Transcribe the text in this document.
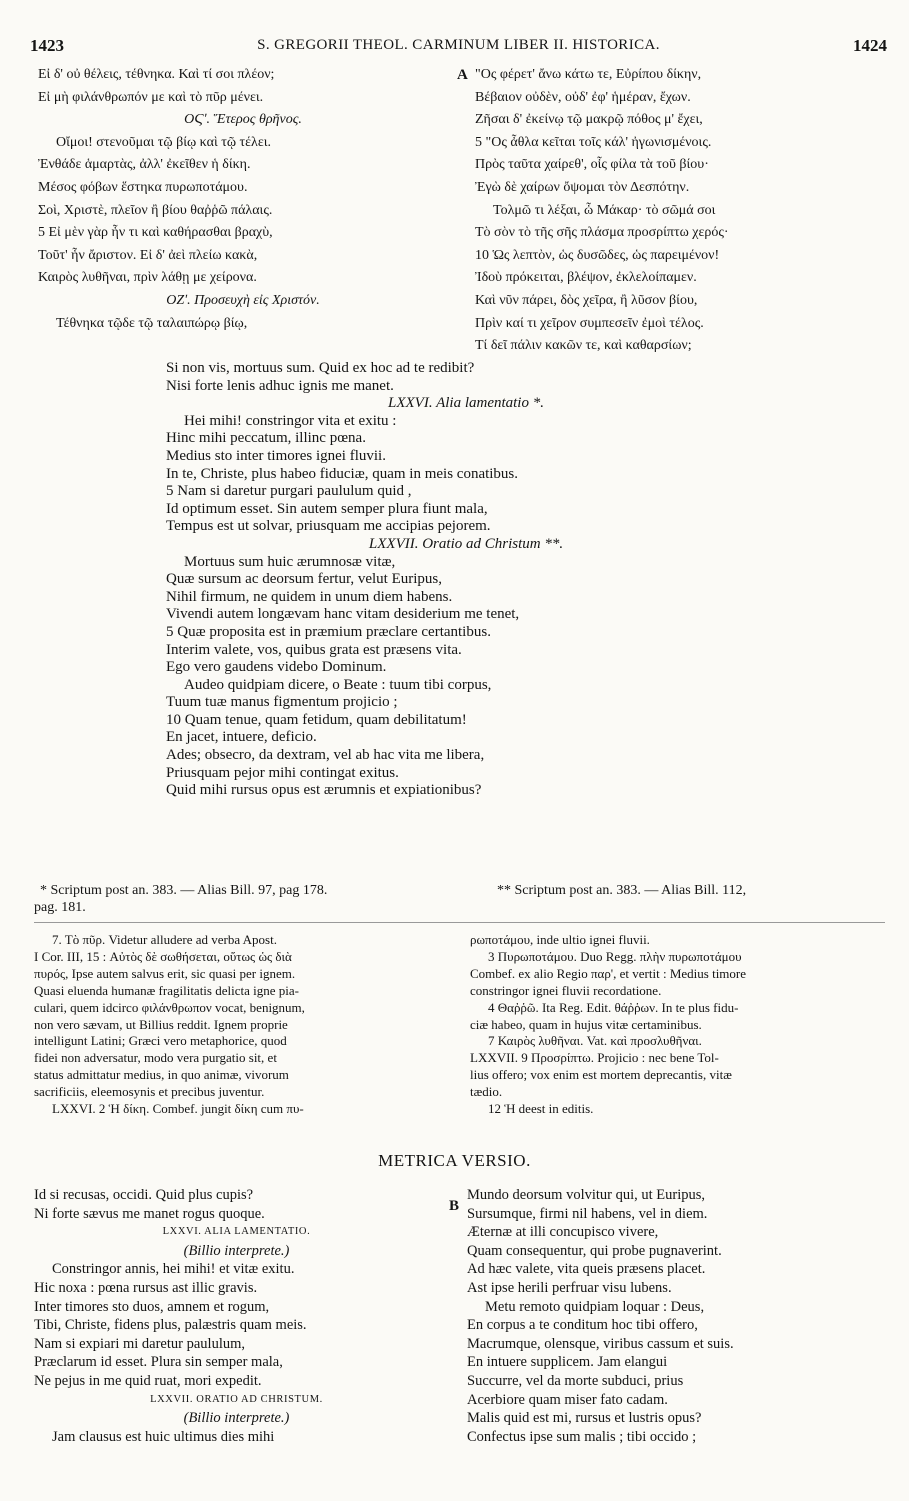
1423	S. GREGORII THEOL. CARMINUM LIBER II. HISTORICA.	1424
Εἰ δ' οὐ θέλεις, τέθνηκα. Καὶ τί σοι πλέον;
Εἰ μὴ φιλάνθρωπόν με καὶ τὸ πῦρ μένει.
ΟϚʹ. Ἕτερος θρῆνος.
Οἴμοι! στενοῦμαι τῷ βίῳ καὶ τῷ τέλει.
Ἐνθάδε ἁμαρτὰς, ἀλλ' ἐκεῖθεν ἡ δίκη.
Μέσος φόβων ἕστηκα πυρωποτάμου.
Σοὶ, Χριστὲ, πλεῖον ἢ βίου θαῤῥῶ πάλαις.
5 Εἰ μὲν γὰρ ἦν τι καὶ καθήρασθαι βραχὺ,
Τοῦτ' ἦν ἄριστον. Εἰ δ' ἀεὶ πλείω κακὰ,
Καιρὸς λυθῆναι, πρὶν λάθῃ με χείρονα.
ΟΖʹ. Προσευχὴ εἰς Χριστόν.
Τέθνηκα τῷδε τῷ ταλαιπώρῳ βίῳ,
A "Ος φέρετ' ἄνω κάτω τε, Εὐρίπου δίκην,
Βέβαιον οὐδὲν, οὐδ' ἐφ' ἡμέραν, ἔχων.
Ζῆσαι δ' ἐκείνῳ τῷ μακρῷ πόθος μ' ἔχει,
5 "Ος ἆθλα κεῖται τοῖς κάλ' ἠγωνισμένοις.
Πρὸς ταῦτα χαίρεθ', οἷς φίλα τὰ τοῦ βίου·
Ἐγὼ δὲ χαίρων ὄψομαι τὸν Δεσπότην.
Τολμῶ τι λέξαι, ὦ Μάκαρ· τὸ σῶμά σοι
Τὸ σὸν τὸ τῆς σῆς πλάσμα προσρίπτω χερός·
10 Ὡς λεπτὸν, ὡς δυσῶδες, ὡς παρειμένον!
Ἰδοὺ πρόκειται, βλέψον, ἐκλελοίπαμεν.
Καὶ νῦν πάρει, δὸς χεῖρα, ἢ λῦσον βίου,
Πρὶν καί τι χεῖρον συμπεσεῖν ἐμοὶ τέλος.
Τί δεῖ πάλιν κακῶν τε, καὶ καθαρσίων;
Si non vis, mortuus sum. Quid ex hoc ad te redibit?
Nisi forte lenis adhuc ignis me manet.
LXXVI. Alia lamentatio *.
Hei mihi! constringor vita et exitu :
Hinc mihi peccatum, illinc pœna.
Medius sto inter timores ignei fluvii.
In te, Christe, plus habeo fiduciæ, quam in meis conatibus.
5 Nam si daretur purgari paululum quid ,
Id optimum esset. Sin autem semper plura fiunt mala,
Tempus est ut solvar, priusquam me accipias pejorem.
LXXVII. Oratio ad Christum **.
Mortuus sum huic ærumnosæ vitæ,
Quæ sursum ac deorsum fertur, velut Euripus,
Nihil firmum, ne quidem in unum diem habens.
Vivendi autem longævam hanc vitam desiderium me tenet,
5 Quæ proposita est in præmium præclare certantibus.
Interim valete, vos, quibus grata est præsens vita.
Ego vero gaudens videbo Dominum.
Audeo quidpiam dicere, o Beate : tuum tibi corpus,
Tuum tuæ manus figmentum projicio ;
10 Quam tenue, quam fetidum, quam debilitatum!
En jacet, intuere, deficio.
Ades; obsecro, da dextram, vel ab hac vita me libera,
Priusquam pejor mihi contingat exitus.
Quid mihi rursus opus est ærumnis et expiationibus?
* Scriptum post an. 383. — Alias Bill. 97, pag 178.	** Scriptum post an. 383. — Alias Bill. 112,
pag. 181.
7. Τὸ πῦρ. Videtur alludere ad verba Apost.
I Cor. III, 15 : Αὐτὸς δὲ σωθήσεται, οὕτως ὡς διὰ
πυρός, Ipse autem salvus erit, sic quasi per ignem.
Quasi eluenda humanæ fragilitatis delicta igne pia-
culari, quem idcirco φιλάνθρωπον vocat, benignum,
non vero sævam, ut Billius reddit. Ignem proprie
intelligunt Latini; Græci vero metaphorice, quod
fidei non adversatur, modo vera purgatio sit, et
status admittatur medius, in quo animæ, vivorum
sacrificiis, eleemosynis et precibus juventur.
LXXVI. 2 Ἡ δίκη. Combef. jungit δίκη cum πυ-
ρωποτάμου, inde ultio ignei fluvii.
3 Πυρωποτάμου. Duo Regg. πλὴν πυρωποτάμου
Combef. ex alio Regio παρ', et vertit : Medius timore
constringor ignei fluvii recordatione.
4 Θαῤῥῶ. Ita Reg. Edit. θάῤῥων. In te plus fidu-
ciæ habeo, quam in hujus vitæ certaminibus.
7 Καιρὸς λυθῆναι. Vat. καὶ προσλυθῆναι.
LXXVII. 9 Προσρίπτω. Projicio : nec bene Tol-
lius offero; vox enim est mortem deprecantis, vitæ
tædio.
12 Ἡ deest in editis.
METRICA VERSIO.
Id si recusas, occidi. Quid plus cupis?
Ni forte sævus me manet rogus quoque.
LXXVI. ALIA LAMENTATIO.
(Billio interprete.)
Constringor annis, hei mihi! et vitæ exitu.
Hic noxa : pœna rursus ast illic gravis.
Inter timores sto duos, amnem et rogum,
Tibi, Christe, fidens plus, palæstris quam meis.
Nam si expiari mi daretur paululum,
Præclarum id esset. Plura sin semper mala,
Ne pejus in me quid ruat, mori expedit.
LXXVII. ORATIO AD CHRISTUM.
(Billio interprete.)
Jam clausus est huic ultimus dies mihi
B
Mundo deorsum volvitur qui, ut Euripus,
Sursumque, firmi nil habens, vel in diem.
Æternæ at illi concupisco vivere,
Quam consequentur, qui probe pugnaverint.
Ad hæc valete, vita queis præsens placet.
Ast ipse herili perfruar visu lubens.
Metu remoto quidpiam loquar : Deus,
En corpus a te conditum hoc tibi offero,
Macrumque, olensque, viribus cassum et suis.
En intuere supplicem. Jam elangui
Succurre, vel da morte subduci, prius
Acerbiore quam miser fato cadam.
Malis quid est mi, rursus et lustris opus?
Confectus ipse sum malis ; tibi occido ;
